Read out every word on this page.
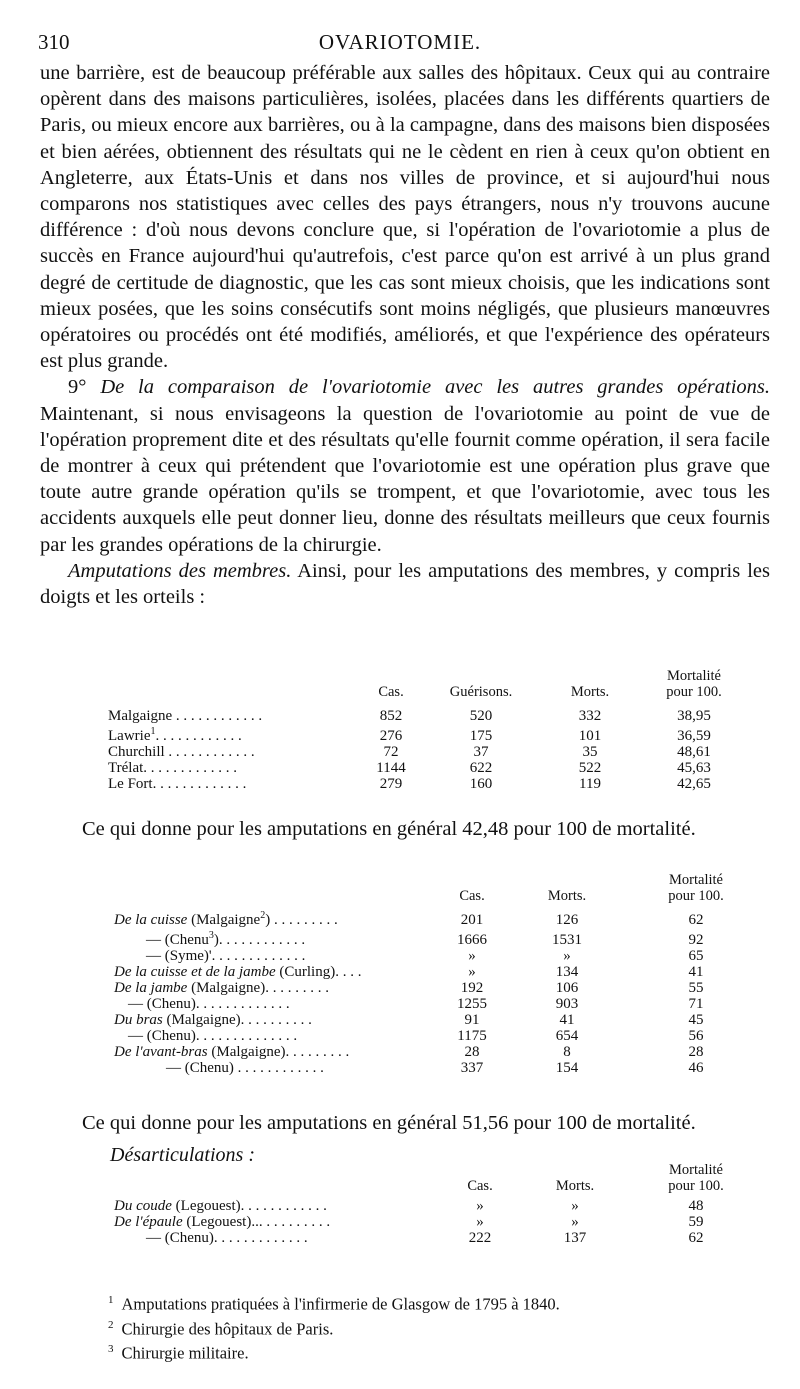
310	OVARIOTOMIE.

une barrière, est de beaucoup préférable aux salles des hôpitaux. Ceux qui au contraire opèrent dans des maisons particulières, isolées, placées dans les différents quartiers de Paris, ou mieux encore aux barrières, ou à la campagne, dans des maisons bien disposées et bien aérées, obtiennent des résultats qui ne le cèdent en rien à ceux qu'on obtient en Angleterre, aux États-Unis et dans nos villes de province, et si aujourd'hui nous comparons nos statistiques avec celles des pays étrangers, nous n'y trouvons aucune différence : d'où nous devons conclure que, si l'opération de l'ovariotomie a plus de succès en France aujourd'hui qu'autrefois, c'est parce qu'on est arrivé à un plus grand degré de certitude de diagnostic, que les cas sont mieux choisis, que les indications sont mieux posées, que les soins consécutifs sont moins négligés, que plusieurs manœuvres opératoires ou procédés ont été modifiés, améliorés, et que l'expérience des opérateurs est plus grande.

9° De la comparaison de l'ovariotomie avec les autres grandes opérations. Maintenant, si nous envisageons la question de l'ovariotomie au point de vue de l'opération proprement dite et des résultats qu'elle fournit comme opération, il sera facile de montrer à ceux qui prétendent que l'ovariotomie est une opération plus grave que toute autre grande opération qu'ils se trompent, et que l'ovariotomie, avec tous les accidents auxquels elle peut donner lieu, donne des résultats meilleurs que ceux fournis par les grandes opérations de la chirurgie.

Amputations des membres. Ainsi, pour les amputations des membres, y compris les doigts et les orteils :

				Mortalité
	Cas.	Guérisons.	Morts.	pour 100.

Malgaigne . . . . . . . . . . . .	852	520	332	38,95
Lawrie$^1$. . . . . . . . . . . .	276	175	101	36,59
Churchill . . . . . . . . . . . .	72	37	35	48,61
Trélat. . . . . . . . . . . . .	1144	622	522	45,63
Le Fort. . . . . . . . . . . . .	279	160	119	42,65
Ce qui donne pour les amputations en général 42,48 pour 100 de mortalité.
			Mortalité
	Cas.	Morts.	pour 100.

De la cuisse (Malgaigne$^2$) . . . . . . . . .	201	126	62
— (Chenu$^3$). . . . . . . . . . . .	1666	1531	92
— (Syme)'. . . . . . . . . . . . .	»	»	65
De la cuisse et de la jambe (Curling). . . .	»	134	41
De la jambe (Malgaigne). . . . . . . . .	192	106	55
— (Chenu). . . . . . . . . . . . .	1255	903	71
Du bras (Malgaigne). . . . . . . . . .	91	41	45
— (Chenu). . . . . . . . . . . . . .	1175	654	56
De l'avant-bras (Malgaigne). . . . . . . . .	28	8	28
— (Chenu) . . . . . . . . . . . .	337	154	46
Ce qui donne pour les amputations en général 51,56 pour 100 de mortalité.
Désarticulations :
			Mortalité
	Cas.	Morts.	pour 100.

Du coude (Legouest). . . . . . . . . . . .	»	»	48
De l'épaule (Legouest)... . . . . . . . . .	»	»	59
— (Chenu). . . . . . . . . . . . .	222	137	62
$^1$ Amputations pratiquées à l'infirmerie de Glasgow de 1795 à 1840.
$^2$ Chirurgie des hôpitaux de Paris.
$^3$ Chirurgie militaire.
